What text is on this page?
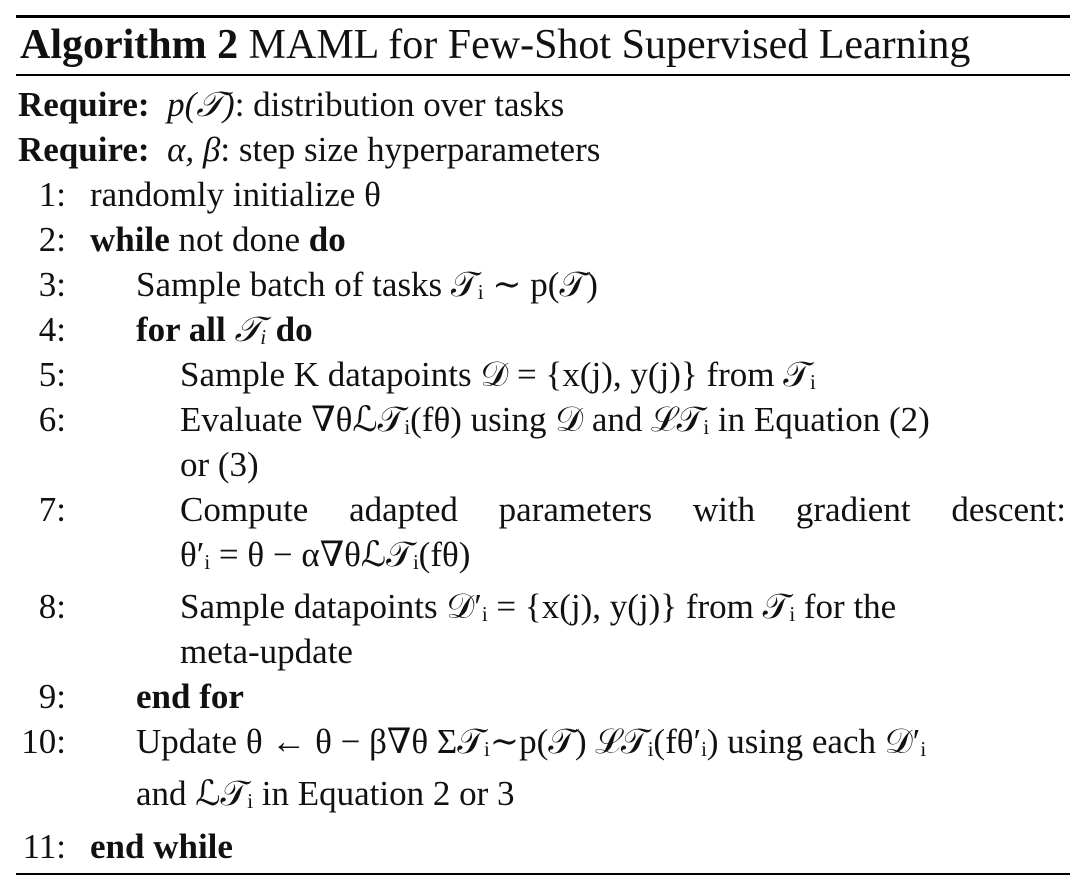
Algorithm 2 MAML for Few-Shot Supervised Learning
Require: p(𝒯): distribution over tasks
Require: α, β: step size hyperparameters
1: randomly initialize θ
2: while not done do
3: Sample batch of tasks 𝒯ᵢ ∼ p(𝒯)
4: for all 𝒯ᵢ do
5:	Sample K datapoints 𝒟 = {x(j), y(j)} from 𝒯ᵢ
6:	Evaluate ∇θℒ𝒯ᵢ(fθ) using 𝒟 and ℒ𝒯ᵢ in Equation (2)
or (3)
7:	Compute adapted parameters with gradient descent:
θ′ᵢ = θ − α∇θℒ𝒯ᵢ(fθ)
8:	Sample datapoints 𝒟′ᵢ = {x(j), y(j)} from 𝒯ᵢ for the
meta-update
9: end for
10: Update θ ← θ − β∇θ Σ𝒯ᵢ∼p(𝒯) ℒ𝒯ᵢ(fθ′ᵢ) using each 𝒟′ᵢ
and ℒ𝒯ᵢ in Equation 2 or 3
11: end while
